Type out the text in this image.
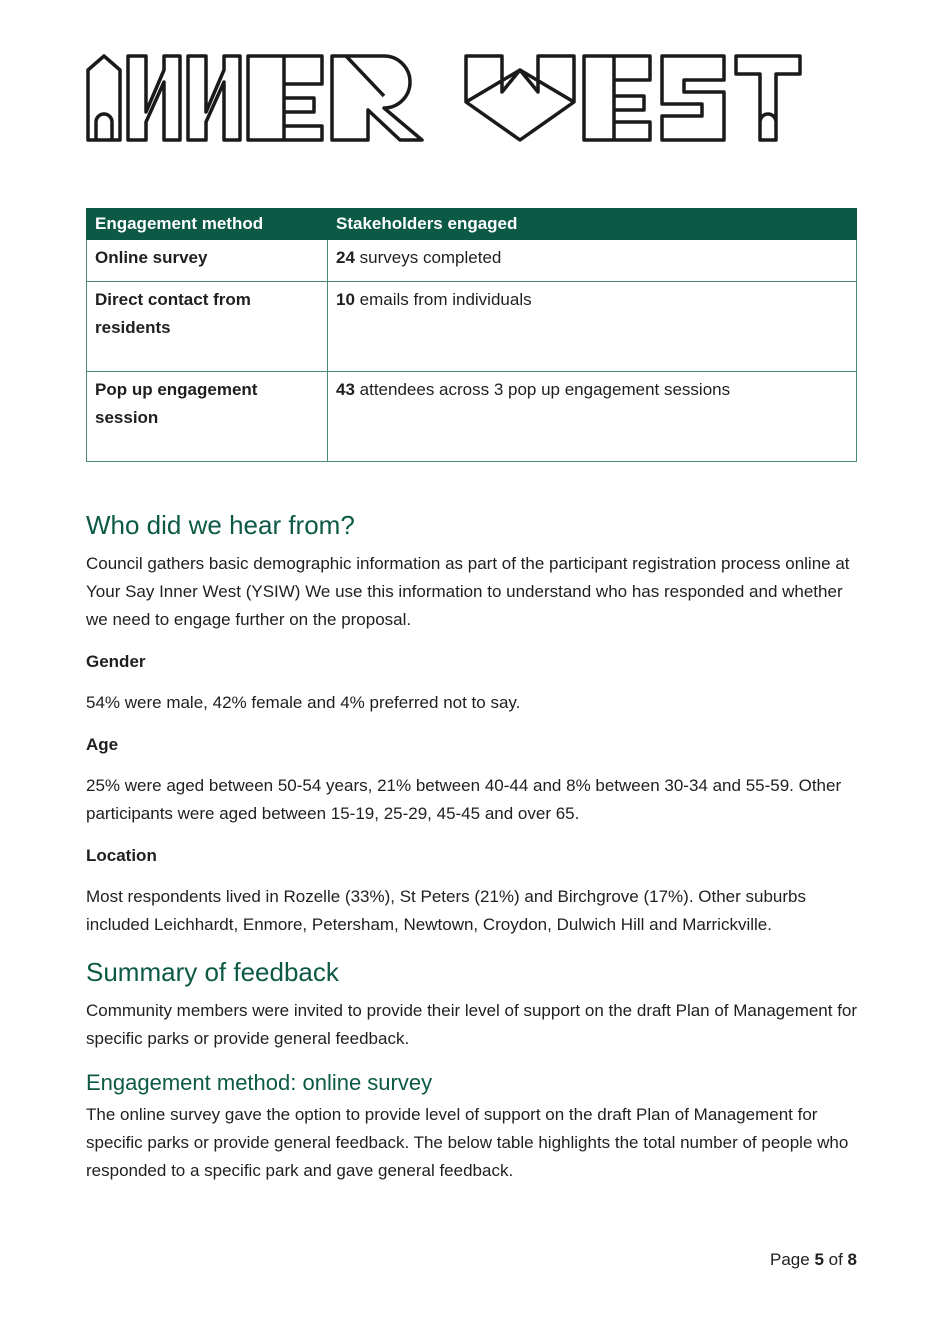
Engagement method	Stakeholders engaged
Online survey	24 surveys completed
Direct contact from residents	10 emails from individuals
Pop up engagement session	43 attendees across 3 pop up engagement sessions
Who did we hear from?

Council gathers basic demographic information as part of the participant registration process online at Your Say Inner West (YSIW) We use this information to understand who has responded and whether we need to engage further on the proposal.

Gender

54% were male, 42% female and 4% preferred not to say.

Age

25% were aged between 50-54 years, 21% between 40-44 and 8% between 30-34 and 55-59. Other participants were aged between 15-19, 25-29, 45-45 and over 65.

Location

Most respondents lived in Rozelle (33%), St Peters (21%) and Birchgrove (17%). Other suburbs included Leichhardt, Enmore, Petersham, Newtown, Croydon, Dulwich Hill and Marrickville.

Summary of feedback

Community members were invited to provide their level of support on the draft Plan of Management for specific parks or provide general feedback.

Engagement method: online survey

The online survey gave the option to provide level of support on the draft Plan of Management for specific parks or provide general feedback. The below table highlights the total number of people who responded to a specific park and gave general feedback.

Page 5 of 8
